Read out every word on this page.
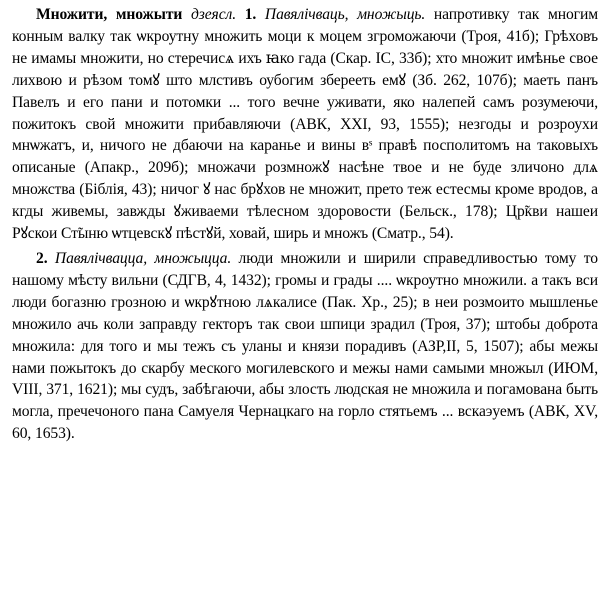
Множити, множыти дзеясл. 1. Павялічваць, множыць. напротивку так многим конным валку так ѡкроутну множить моци к моцем згроможаючи (Троя, 41б); Грѣховъ не имамы множити, но стеречисѧ ихъ ꙗко гада (Скар. ІС, 33б); хто множит имѣнье свое лихвою и рѣзом томꙋ што млстивъ оубогим зберееть емꙋ (Зб. 262, 107б); маеть панъ Павелъ и его пани и потомки ... того вечне уживати, яко налепей самъ розумеючи, пожитокъ свой множити прибавляючи (АВК, XXI, 93, 1555); незгоды и розроухи мнѡжатъ, и, ничого не дбаючи на каранье и вины вˢ правѣ посполитомъ на таковыхъ описаные (Апакр., 209б); множачи розмножꙋ насѣне твое и не буде зличоно длѧ множства (Біблія, 43); ничог ꙋ нас брꙋхов не множит, прето теж естесмы кроме вродов, а кгды живемы, завжды ꙋживаеми тѣлесном здоровости (Бельск., 178); Цр̃кви нашеи Рꙋскои Ст̃ыню ѡтцевскꙋ пѣстꙋй, ховай, ширь и множъ (Сматр., 54).

2. Павялічвацца, множыцца. люди множили и ширили справедливостью тому то нашому мѣсту вильни (СДГВ, 4, 1432); громы и грады .... ѡкроутно множили. а такъ вси люди богазню грозною и ѡкрꙋтною лѧкалисе (Пак. Хр., 25); в неи розмоито мышленье множило ачь коли заправду гекторъ так свои шпици зрадил (Троя, 37); штобы доброта множила: для того и мы тежъ съ уланы и князи порадивъ (АЗР,II, 5, 1507); абы межы нами пожытокъ до скарбу меского могилевского и межы нами самыми множыл (ИЮМ, VIII, 371, 1621); мы судъ, забѣгаючи, абы злость людская не множила и погамована быть могла, пречечоного пана Самуеля Чернацкаго на горло стятьемъ ... вскаэуемъ (АВК, XV, 60, 1653).
